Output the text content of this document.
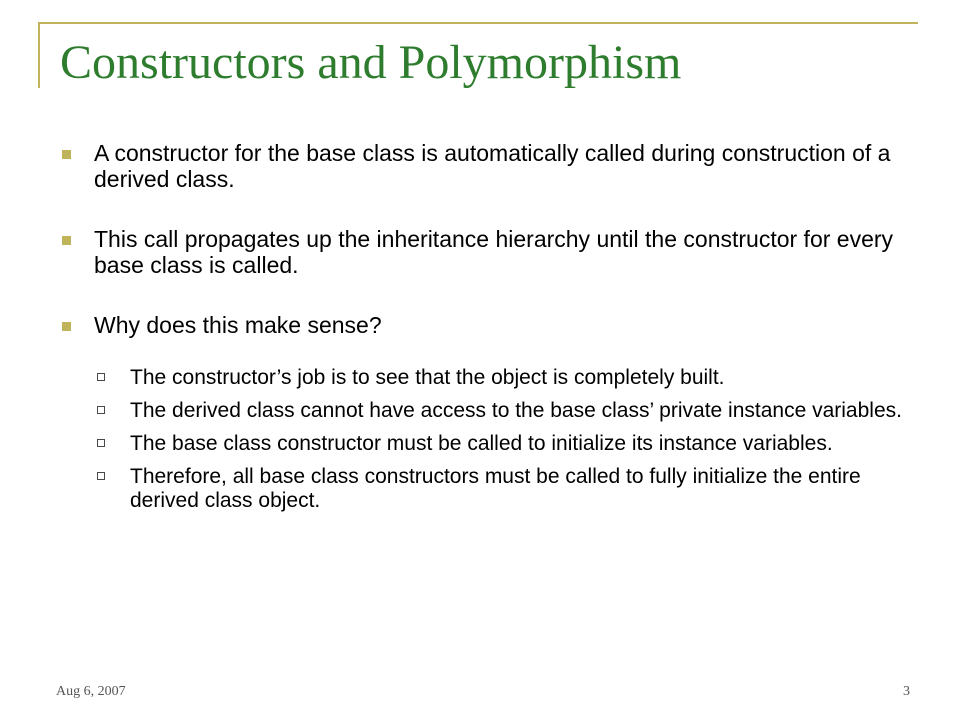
Constructors and Polymorphism
A constructor for the base class is automatically called during construction of a derived class.
This call propagates up the inheritance hierarchy until the constructor for every base class is called.
Why does this make sense?
The constructor’s job is to see that the object is completely built.
The derived class cannot have access to the base class’ private instance variables.
The base class constructor must be called to initialize its instance variables.
Therefore, all base class constructors must be called to fully initialize the entire derived class object.
Aug 6, 2007	3
